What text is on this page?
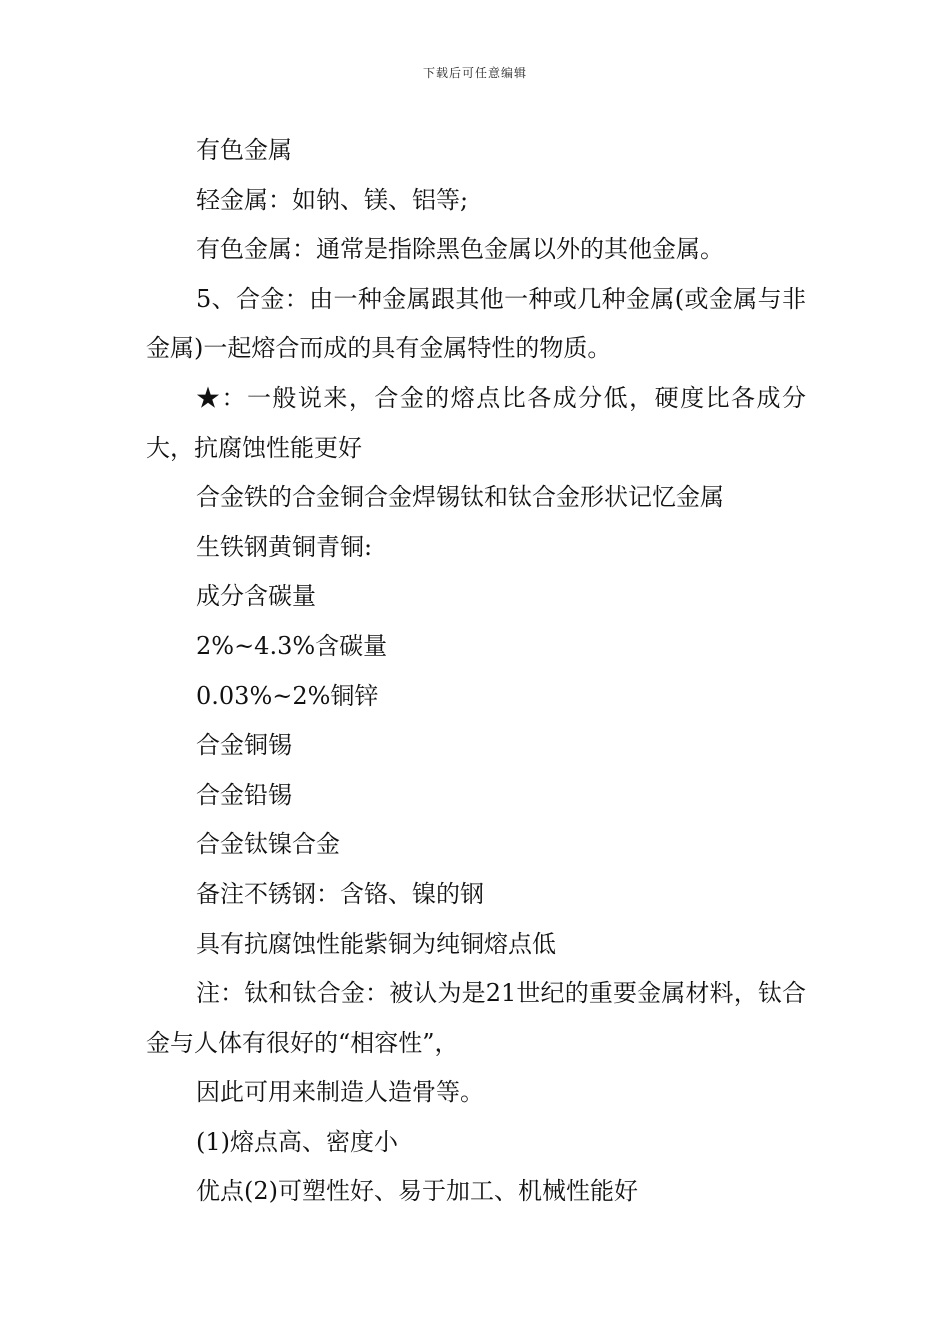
下载后可任意编辑

有色金属

轻金属：如钠、镁、铝等;

有色金属：通常是指除黑色金属以外的其他金属。

5、合金：由一种金属跟其他一种或几种金属(或金属与非金属)一起熔合而成的具有金属特性的物质。

★：一般说来，合金的熔点比各成分低，硬度比各成分大，抗腐蚀性能更好

合金铁的合金铜合金焊锡钛和钛合金形状记忆金属

生铁钢黄铜青铜:

成分含碳量

2%~4.3%含碳量

0.03%~2%铜锌

合金铜锡

合金铅锡

合金钛镍合金

备注不锈钢：含铬、镍的钢

具有抗腐蚀性能紫铜为纯铜熔点低

注：钛和钛合金：被认为是21世纪的重要金属材料，钛合金与人体有很好的“相容性”，

因此可用来制造人造骨等。

(1)熔点高、密度小

优点(2)可塑性好、易于加工、机械性能好
